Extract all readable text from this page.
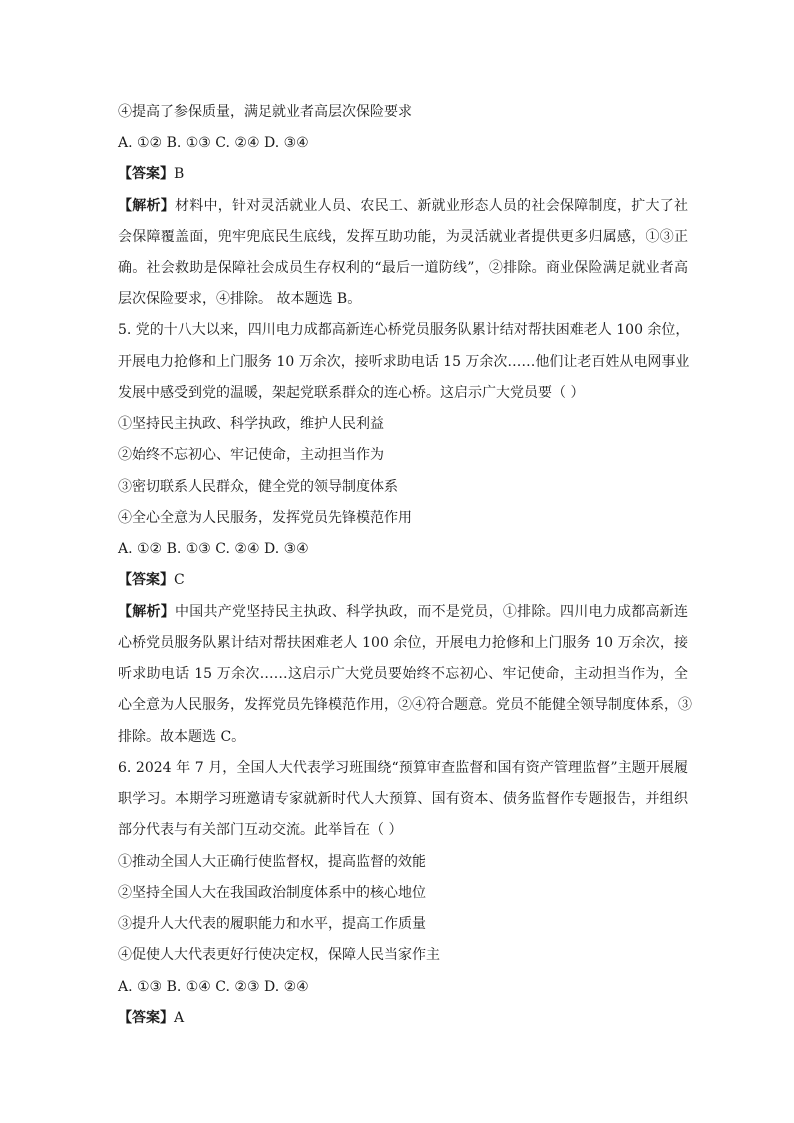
④提高了参保质量，满足就业者高层次保险要求
A. ①② B. ①③ C. ②④ D. ③④
【答案】B
【解析】材料中，针对灵活就业人员、农民工、新就业形态人员的社会保障制度，扩大了社
会保障覆盖面，兜牢兜底民生底线，发挥互助功能，为灵活就业者提供更多归属感，①③正
确。社会救助是保障社会成员生存权利的“最后一道防线”，②排除。商业保险满足就业者高
层次保险要求，④排除。 故本题选 B。
5. 党的十八大以来，四川电力成都高新连心桥党员服务队累计结对帮扶困难老人 100 余位，
开展电力抢修和上门服务 10 万余次，接听求助电话 15 万余次……他们让老百姓从电网事业
发展中感受到党的温暖，架起党联系群众的连心桥。这启示广大党员要（ ）
①坚持民主执政、科学执政，维护人民利益
②始终不忘初心、牢记使命，主动担当作为
③密切联系人民群众，健全党的领导制度体系
④全心全意为人民服务，发挥党员先锋模范作用
A. ①② B. ①③ C. ②④ D. ③④
【答案】C
【解析】中国共产党坚持民主执政、科学执政，而不是党员，①排除。四川电力成都高新连
心桥党员服务队累计结对帮扶困难老人 100 余位，开展电力抢修和上门服务 10 万余次，接
听求助电话 15 万余次……这启示广大党员要始终不忘初心、牢记使命，主动担当作为，全
心全意为人民服务，发挥党员先锋模范作用，②④符合题意。党员不能健全领导制度体系，③
排除。故本题选 C。
6. 2024 年 7 月，全国人大代表学习班围绕“预算审查监督和国有资产管理监督”主题开展履
职学习。本期学习班邀请专家就新时代人大预算、国有资本、债务监督作专题报告，并组织
部分代表与有关部门互动交流。此举旨在（ ）
①推动全国人大正确行使监督权，提高监督的效能
②坚持全国人大在我国政治制度体系中的核心地位
③提升人大代表的履职能力和水平，提高工作质量
④促使人大代表更好行使决定权，保障人民当家作主
A. ①③ B. ①④ C. ②③ D. ②④
【答案】A
